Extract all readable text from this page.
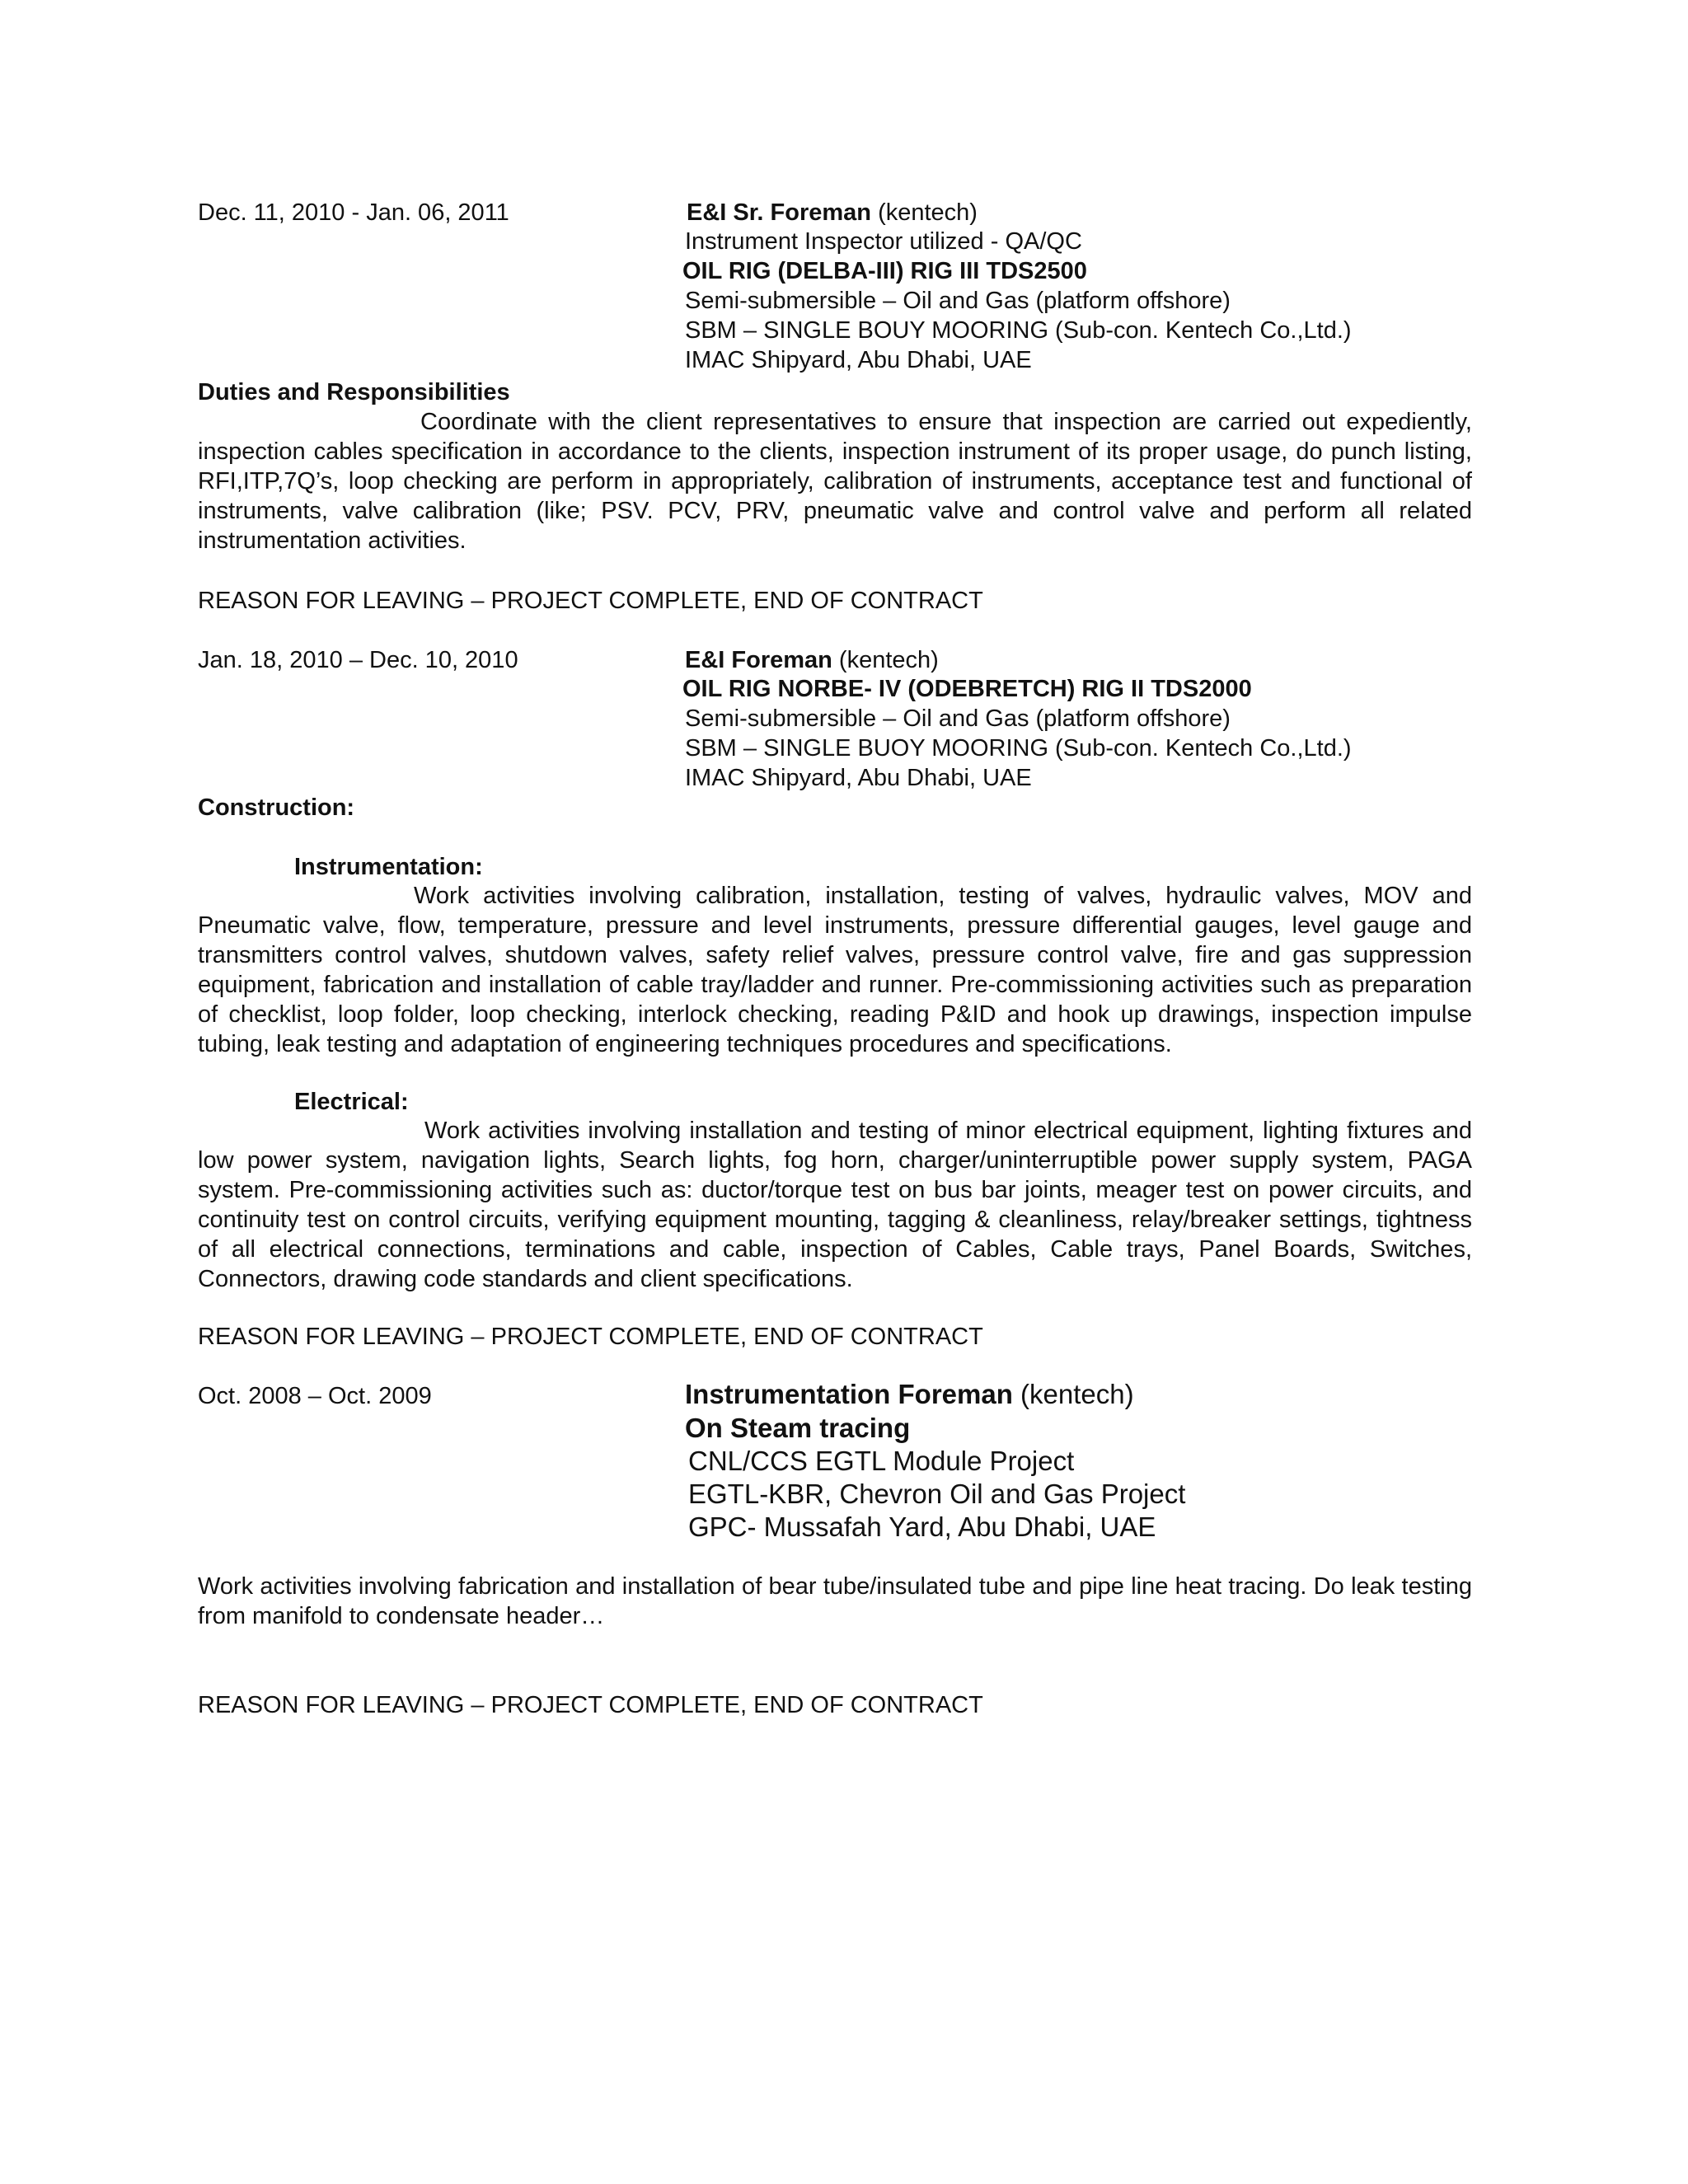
Dec. 11, 2010 - Jan. 06, 2011	E&I Sr. Foreman (kentech)

Instrument Inspector utilized - QA/QC

OIL RIG (DELBA-III) RIG III TDS2500

Semi-submersible – Oil and Gas (platform offshore)

SBM – SINGLE BOUY MOORING (Sub-con. Kentech Co.,Ltd.)

IMAC Shipyard, Abu Dhabi, UAE

Duties and Responsibilities

Coordinate with the client representatives to ensure that inspection are carried out expediently, inspection cables specification in accordance to the clients, inspection instrument of its proper usage, do punch listing, RFI,ITP,7Q’s, loop checking are perform in appropriately, calibration of instruments, acceptance test and functional of instruments, valve calibration (like; PSV. PCV, PRV, pneumatic valve and control valve and perform all related instrumentation activities.

REASON FOR LEAVING – PROJECT COMPLETE, END OF CONTRACT

Jan. 18, 2010 – Dec. 10, 2010	E&I Foreman (kentech)

OIL RIG NORBE- IV (ODEBRETCH) RIG II TDS2000

Semi-submersible – Oil and Gas (platform offshore)

SBM – SINGLE BUOY MOORING (Sub-con. Kentech Co.,Ltd.)

IMAC Shipyard, Abu Dhabi, UAE

Construction:

Instrumentation:

Work activities involving calibration, installation, testing of valves, hydraulic valves, MOV and Pneumatic valve, flow, temperature, pressure and level instruments, pressure differential gauges, level gauge and transmitters control valves, shutdown valves, safety relief valves, pressure control valve, fire and gas suppression equipment, fabrication and installation of cable tray/ladder and runner. Pre-commissioning activities such as preparation of checklist, loop folder, loop checking, interlock checking, reading P&ID and hook up drawings, inspection impulse tubing, leak testing and adaptation of engineering techniques procedures and specifications.

Electrical:

Work activities involving installation and testing of minor electrical equipment, lighting fixtures and low power system, navigation lights, Search lights, fog horn, charger/uninterruptible power supply system, PAGA system. Pre-commissioning activities such as: ductor/torque test on bus bar joints, meager test on power circuits, and continuity test on control circuits, verifying equipment mounting, tagging & cleanliness, relay/breaker settings, tightness of all electrical connections, terminations and cable, inspection of Cables, Cable trays, Panel Boards, Switches, Connectors, drawing code standards and client specifications.

REASON FOR LEAVING – PROJECT COMPLETE, END OF CONTRACT

Oct. 2008 – Oct. 2009	Instrumentation Foreman (kentech)

On Steam tracing

CNL/CCS EGTL Module Project

EGTL-KBR, Chevron Oil and Gas Project

GPC- Mussafah Yard, Abu Dhabi, UAE

Work activities involving fabrication and installation of bear tube/insulated tube and pipe line heat tracing. Do leak testing from manifold to condensate header…

REASON FOR LEAVING – PROJECT COMPLETE, END OF CONTRACT
